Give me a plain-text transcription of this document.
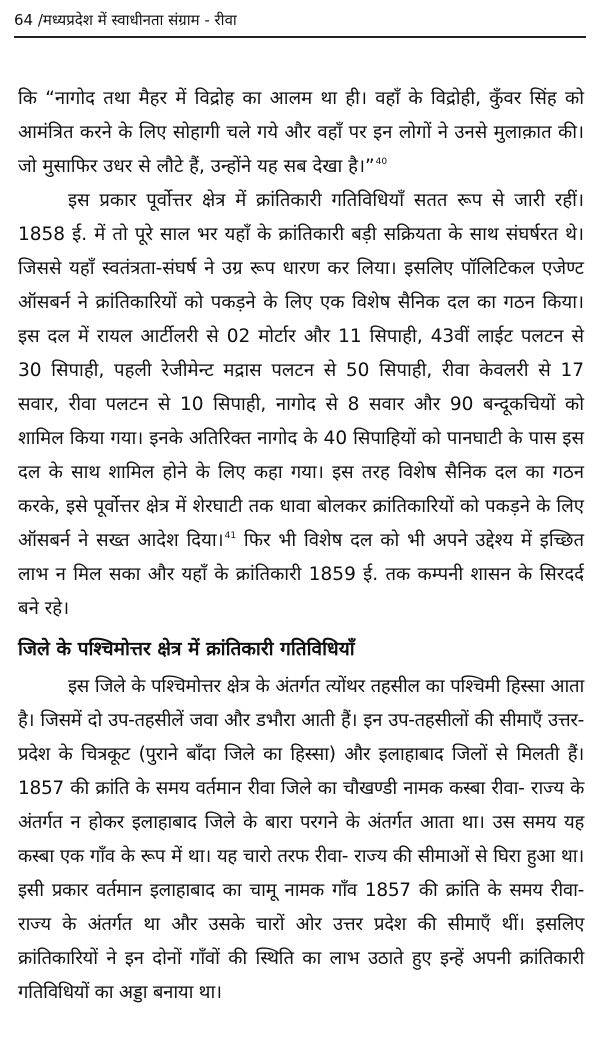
64 /मध्यप्रदेश में स्वाधीनता संग्राम - रीवा

कि “नागोद तथा मैहर में विद्रोह का आलम था ही। वहाँ के विद्रोही, कुँवर सिंह को आमंत्रित करने के लिए सोहागी चले गये और वहाँ पर इन लोगों ने उनसे मुलाक़ात की। जो मुसाफिर उधर से लौटे हैं, उन्होंने यह सब देखा है।”$^{40}$

इस प्रकार पूर्वोत्तर क्षेत्र में क्रांतिकारी गतिविधियाँ सतत रूप से जारी रहीं। 1858 ई. में तो पूरे साल भर यहाँ के क्रांतिकारी बड़ी सक्रियता के साथ संघर्षरत थे। जिससे यहाँ स्वतंत्रता-संघर्ष ने उग्र रूप धारण कर लिया। इसलिए पॉलिटिकल एजेण्ट ऑसबर्न ने क्रांतिकारियों को पकड़ने के लिए एक विशेष सैनिक दल का गठन किया। इस दल में रायल आर्टीलरी से 02 मोर्टार और 11 सिपाही, 43वीं लाईट पलटन से 30 सिपाही, पहली रेजीमेन्ट मद्रास पलटन से 50 सिपाही, रीवा केवलरी से 17 सवार, रीवा पलटन से 10 सिपाही, नागोद से 8 सवार और 90 बन्दूकचियों को शामिल किया गया। इनके अतिरिक्त नागोद के 40 सिपाहियों को पानघाटी के पास इस दल के साथ शामिल होने के लिए कहा गया। इस तरह विशेष सैनिक दल का गठन करके, इसे पूर्वोत्तर क्षेत्र में शेरघाटी तक धावा बोलकर क्रांतिकारियों को पकड़ने के लिए ऑसबर्न ने सख्त आदेश दिया।$^{41}$ फिर भी विशेष दल को भी अपने उद्देश्य में इच्छित लाभ न मिल सका और यहाँ के क्रांतिकारी 1859 ई. तक कम्पनी शासन के सिरदर्द बने रहे।

जिले के पश्चिमोत्तर क्षेत्र में क्रांतिकारी गतिविधियाँ

इस जिले के पश्चिमोत्तर क्षेत्र के अंतर्गत त्योंथर तहसील का पश्चिमी हिस्सा आता है। जिसमें दो उप-तहसीलें जवा और डभौरा आती हैं। इन उप-तहसीलों की सीमाएँ उत्तर-प्रदेश के चित्रकूट (पुराने बाँदा जिले का हिस्सा) और इलाहाबाद जिलों से मिलती हैं। 1857 की क्रांति के समय वर्तमान रीवा जिले का चौखण्डी नामक कस्बा रीवा- राज्य के अंतर्गत न होकर इलाहाबाद जिले के बारा परगने के अंतर्गत आता था। उस समय यह कस्बा एक गाँव के रूप में था। यह चारो तरफ रीवा- राज्य की सीमाओं से घिरा हुआ था। इसी प्रकार वर्तमान इलाहाबाद का चामू नामक गाँव 1857 की क्रांति के समय रीवा- राज्य के अंतर्गत था और उसके चारों ओर उत्तर प्रदेश की सीमाएँ थीं। इसलिए क्रांतिकारियों ने इन दोनों गाँवों की स्थिति का लाभ उठाते हुए इन्हें अपनी क्रांतिकारी गतिविधियों का अड्डा बनाया था।
